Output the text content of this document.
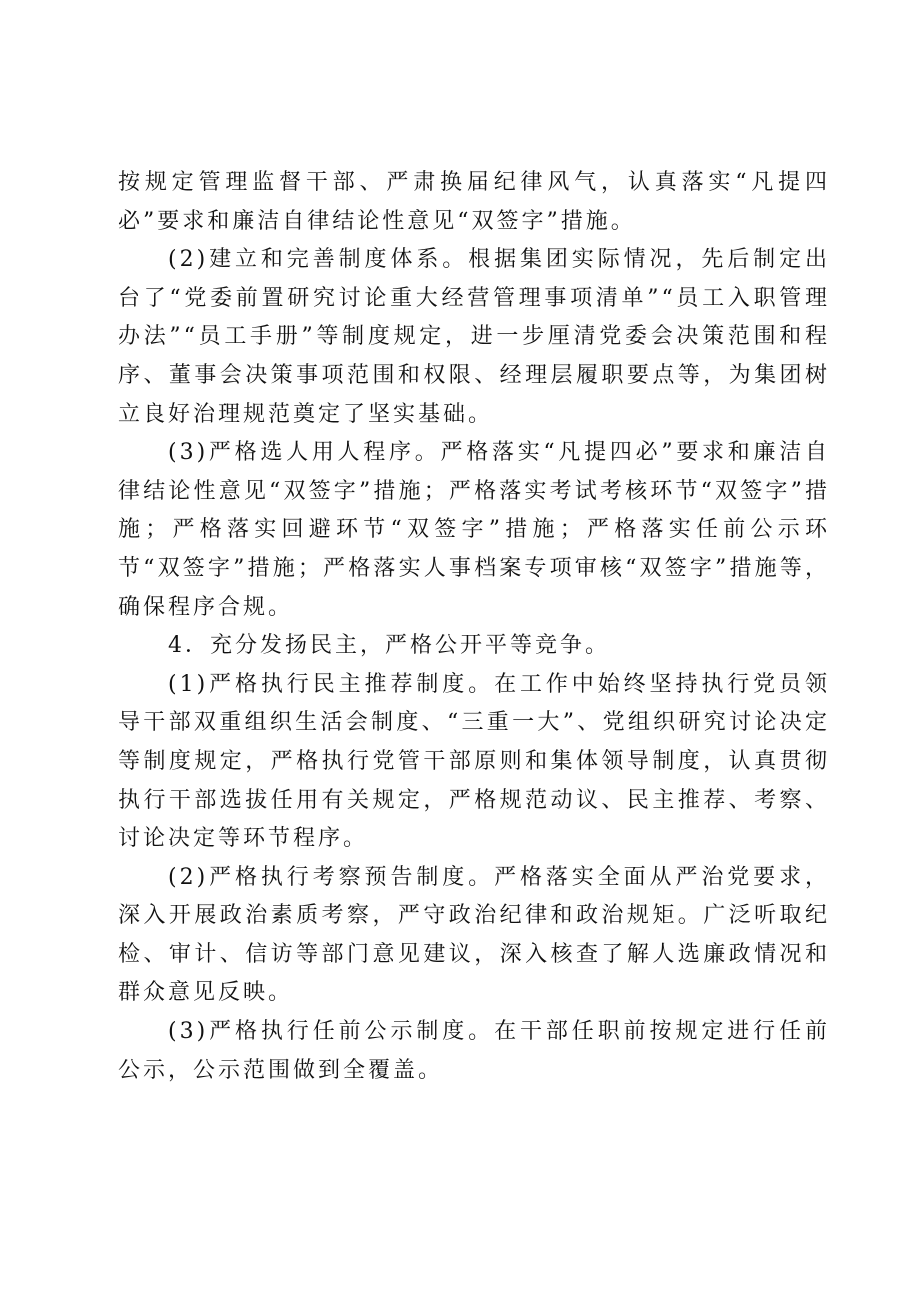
按规定管理监督干部、严肃换届纪律风气，认真落实“凡提四必”要求和廉洁自律结论性意见“双签字”措施。

(2)建立和完善制度体系。根据集团实际情况，先后制定出台了“党委前置研究讨论重大经营管理事项清单”“员工入职管理办法”“员工手册”等制度规定，进一步厘清党委会决策范围和程序、董事会决策事项范围和权限、经理层履职要点等，为集团树立良好治理规范奠定了坚实基础。

(3)严格选人用人程序。严格落实“凡提四必”要求和廉洁自律结论性意见“双签字”措施；严格落实考试考核环节“双签字”措施；严格落实回避环节“双签字”措施；严格落实任前公示环节“双签字”措施；严格落实人事档案专项审核“双签字”措施等，确保程序合规。

4．充分发扬民主，严格公开平等竞争。

(1)严格执行民主推荐制度。在工作中始终坚持执行党员领导干部双重组织生活会制度、“三重一大”、党组织研究讨论决定等制度规定，严格执行党管干部原则和集体领导制度，认真贯彻执行干部选拔任用有关规定，严格规范动议、民主推荐、考察、讨论决定等环节程序。

(2)严格执行考察预告制度。严格落实全面从严治党要求，深入开展政治素质考察，严守政治纪律和政治规矩。广泛听取纪检、审计、信访等部门意见建议，深入核查了解人选廉政情况和群众意见反映。

(3)严格执行任前公示制度。在干部任职前按规定进行任前公示，公示范围做到全覆盖。
